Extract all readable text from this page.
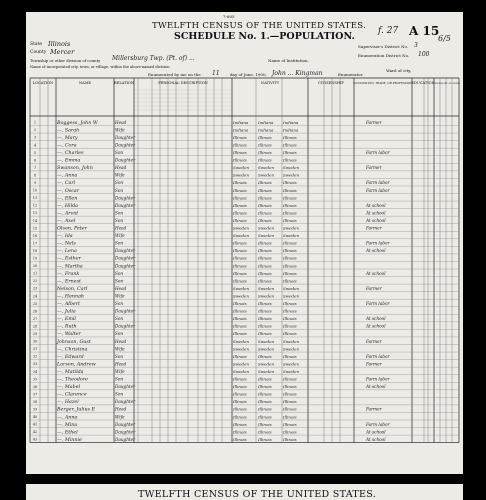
LOCATION	NAME	RELATION	PERSONAL DESCRIPTION	NATIVITY	CITIZENSHIP	OCCUPATION, TRADE, OR PROFESSION
EDUCATION
OWNERSHIP OF HOME
1	Boggess, John W	Head	Indiana Indiana Indiana	Farmer
2	—, Sarah	Wife	Indiana Indiana Indiana
3	—, Mary	Daughter	Illinois	Illinois	Illinois
4	—, Cora	Daughter	Illinois	Illinois	Illinois
5	—, Charles	Son	Illinois	Illinois	Illinois	Farm labor
6	—, Emma	Daughter	Illinois	Illinois	Illinois
7	Swanson, John	Head	Sweden Sweden Sweden	Farmer
8	—, Anna	Wife	Sweden Sweden Sweden
9	—, Carl	Son	Illinois	Illinois	Illinois	Farm labor
10	—, Oscar	Son	Illinois	Illinois	Illinois	Farm labor
11	—, Ellen	Daughter	Illinois	Illinois	Illinois
12	—, Hilda	Daughter	Illinois	Illinois	Illinois	At school
13	—, Arvid	Son	Illinois	Illinois	Illinois	At school
14	—, Axel	Son	Illinois	Illinois	Illinois	At school
15	Olson, Peter	Head	Sweden Sweden Sweden	Farmer
16	—, Ida	Wife	Sweden Sweden Sweden
17	—, Nels	Son	Illinois	Illinois	Illinois	Farm labor
18	—, Lena	Daughter	Illinois	Illinois	Illinois	At school
19	—, Esther	Daughter	Illinois	Illinois	Illinois
20	—, Martha	Daughter	Illinois	Illinois	Illinois
21	—, Frank	Son	Illinois	Illinois	Illinois	At school
22	—, Ernest	Son	Illinois	Illinois	Illinois
23	Nelson, Carl	Head	Sweden Sweden Sweden	Farmer
24	—, Hannah	Wife	Sweden Sweden Sweden
25	—, Albert	Son	Illinois	Illinois	Illinois	Farm labor
26	—, Julia	Daughter	Illinois	Illinois	Illinois
27	—, Emil	Son	Illinois	Illinois	Illinois	At school
28	—, Ruth	Daughter	Illinois	Illinois	Illinois	At school
29	—, Walter	Son	Illinois	Illinois	Illinois
30	Johnson, Gust	Head	Sweden Sweden Sweden	Farmer
31	—, Christina	Wife	Sweden Sweden Sweden
32	—, Edward	Son	Illinois	Illinois	Illinois	Farm labor
33	Larson, Andrew	Head	Sweden Sweden Sweden	Farmer
34	—, Matilda	Wife	Sweden Sweden Sweden
35	—, Theodore	Son	Illinois	Illinois	Illinois	Farm labor
36	—, Mabel	Daughter	Illinois	Illinois	Illinois	At school
37	—, Clarence	Son	Illinois	Illinois	Illinois
38	—, Hazel	Daughter	Illinois	Illinois	Illinois
39	Berger, Julius E	Head	Illinois	Illinois	Illinois	Farmer
40	—, Anna	Wife	Illinois	Illinois	Illinois
41	—, Mina	Daughter	Illinois	Illinois	Illinois	Farm labor
42	—, Ethel	Daughter	Illinois	Illinois	Illinois	At school
43	—, Minnie	Daughter	Illinois	Illinois	Illinois	At school
7-605
TWELFTH CENSUS OF THE UNITED STATES.
SCHEDULE No. 1.—POPULATION.	f. 27 A 15
6/5
State Illinois
County Mercer
Township or other division of county Millersburg Twp. (Pt. of) ...	Name of Institution,
Name of incorporated city, town, or village, within the above-named division
Supervisor's District No. 3
Enumeration District No. 100
Ward of city,
Enumerated by me on the 11	day of June, 1900, John ... Kingman	Enumerator.
TWELFTH CENSUS OF THE UNITED STATES.
